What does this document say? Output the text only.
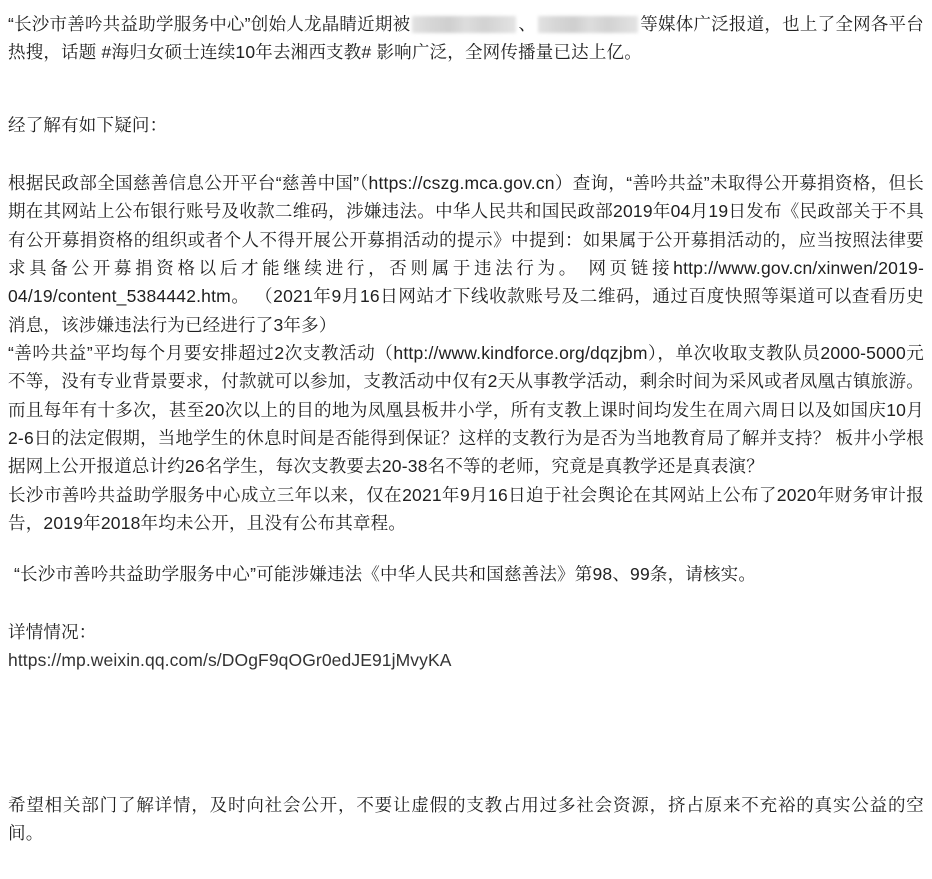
“长沙市善吟共益助学服务中心”创始人龙晶睛近期被	、	等媒体广泛报道，也上了全网各平台热搜，话题 #海归女硕士连续10年去湘西支教# 影响广泛，全网传播量已达上亿。

经了解有如下疑问：

根据民政部全国慈善信息公开平台“慈善中国”（https://cszg.mca.gov.cn）查询，“善吟共益”未取得公开募捐资格，但长期在其网站上公布银行账号及收款二维码，涉嫌违法。中华人民共和国民政部2019年04月19日发布《民政部关于不具有公开募捐资格的组织或者个人不得开展公开募捐活动的提示》中提到：如果属于公开募捐活动的，应当按照法律要求具备公开募捐资格以后才能继续进行，否则属于违法行为。 网页链接http://www.gov.cn/xinwen/2019-04/19/content_5384442.htm。 （2021年9月16日网站才下线收款账号及二维码，通过百度快照等渠道可以查看历史消息，该涉嫌违法行为已经进行了3年多）

“善吟共益”平均每个月要安排超过2次支教活动（http://www.kindforce.org/dqzjbm），单次收取支教队员2000-5000元不等，没有专业背景要求，付款就可以参加，支教活动中仅有2天从事教学活动，剩余时间为采风或者凤凰古镇旅游。而且每年有十多次，甚至20次以上的目的地为凤凰县板井小学，所有支教上课时间均发生在周六周日以及如国庆10月2-6日的法定假期，当地学生的休息时间是否能得到保证？这样的支教行为是否为当地教育局了解并支持？ 板井小学根据网上公开报道总计约26名学生，每次支教要去20-38名不等的老师，究竟是真教学还是真表演？

长沙市善吟共益助学服务中心成立三年以来，仅在2021年9月16日迫于社会舆论在其网站上公布了2020年财务审计报告，2019年2018年均未公开，且没有公布其章程。

“长沙市善吟共益助学服务中心”可能涉嫌违法《中华人民共和国慈善法》第98、99条，请核实。

详情情况：

https://mp.weixin.qq.com/s/DOgF9qOGr0edJE91jMvyKA

希望相关部门了解详情，及时向社会公开，不要让虚假的支教占用过多社会资源，挤占原来不充裕的真实公益的空间。
